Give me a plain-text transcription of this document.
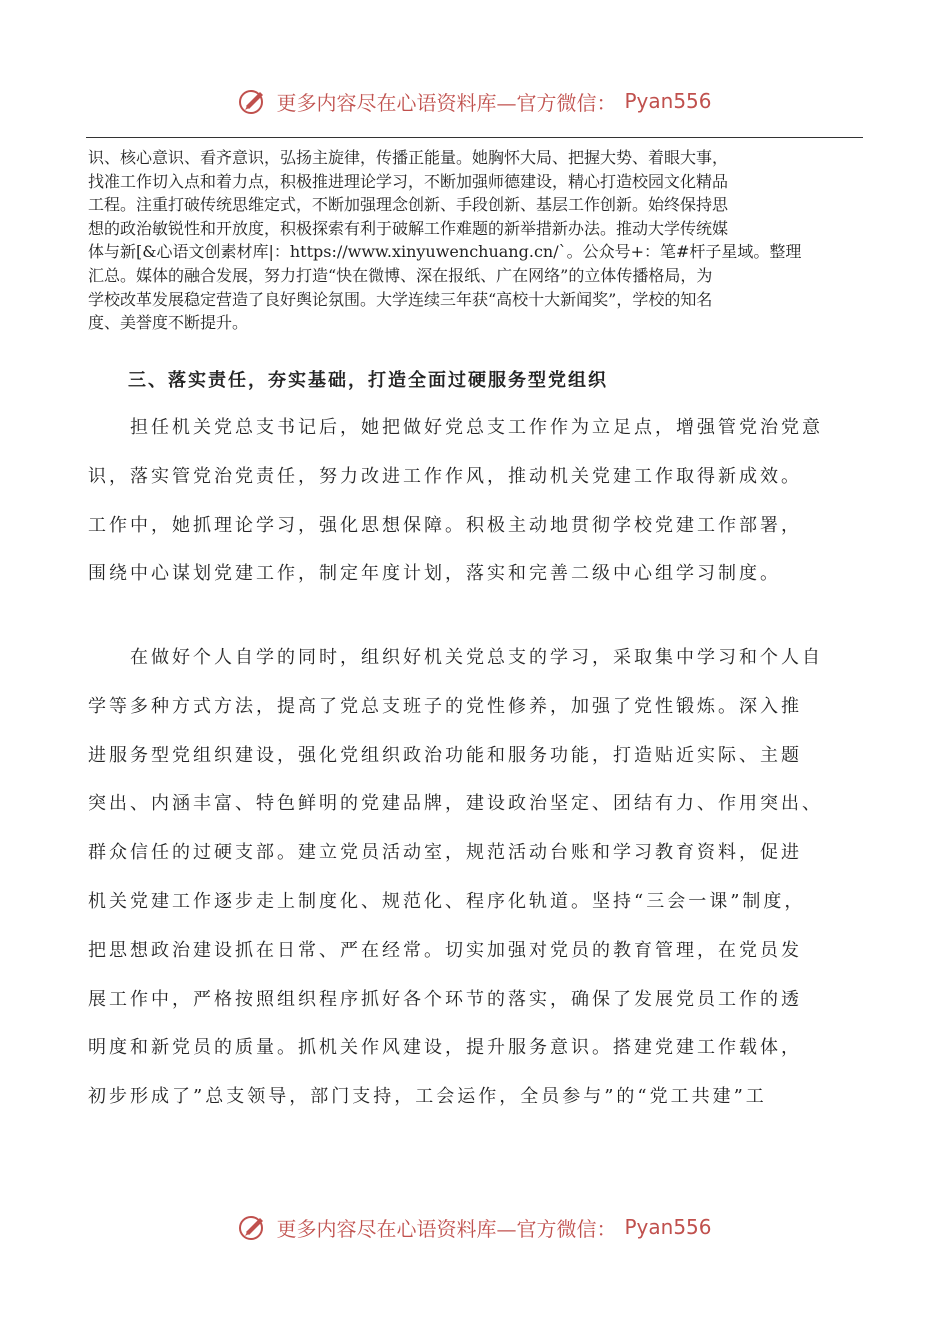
更多内容尽在心语资料库—官方微信： Pyan556
识、核心意识、看齐意识，弘扬主旋律，传播正能量。她胸怀大局、把握大势、着眼大事，
找准工作切入点和着力点，积极推进理论学习，不断加强师德建设，精心打造校园文化精品
工程。注重打破传统思维定式，不断加强理念创新、手段创新、基层工作创新。始终保持思
想的政治敏锐性和开放度，积极探索有利于破解工作难题的新举措新办法。推动大学传统媒
体与新[&心语文创素材库|：https://www.xinyuwenchuang.cn/`。公众号+：笔#杆子星域。整理
汇总。媒体的融合发展，努力打造“快在微博、深在报纸、广在网络”的立体传播格局，为
学校改革发展稳定营造了良好舆论氛围。大学连续三年获“高校十大新闻奖”，学校的知名
度、美誉度不断提升。
三、落实责任，夯实基础，打造全面过硬服务型党组织
　　担任机关党总支书记后，她把做好党总支工作作为立足点，增强管党治党意
识，落实管党治党责任，努力改进工作作风，推动机关党建工作取得新成效。
工作中，她抓理论学习，强化思想保障。积极主动地贯彻学校党建工作部署，
围绕中心谋划党建工作，制定年度计划，落实和完善二级中心组学习制度。
　　在做好个人自学的同时，组织好机关党总支的学习，采取集中学习和个人自
学等多种方式方法，提高了党总支班子的党性修养，加强了党性锻炼。深入推
进服务型党组织建设，强化党组织政治功能和服务功能，打造贴近实际、主题
突出、内涵丰富、特色鲜明的党建品牌，建设政治坚定、团结有力、作用突出、
群众信任的过硬支部。建立党员活动室，规范活动台账和学习教育资料，促进
机关党建工作逐步走上制度化、规范化、程序化轨道。坚持“三会一课”制度，
把思想政治建设抓在日常、严在经常。切实加强对党员的教育管理，在党员发
展工作中，严格按照组织程序抓好各个环节的落实，确保了发展党员工作的透
明度和新党员的质量。抓机关作风建设，提升服务意识。搭建党建工作载体，
初步形成了”总支领导，部门支持，工会运作，全员参与”的“党工共建”工
更多内容尽在心语资料库—官方微信： Pyan556
